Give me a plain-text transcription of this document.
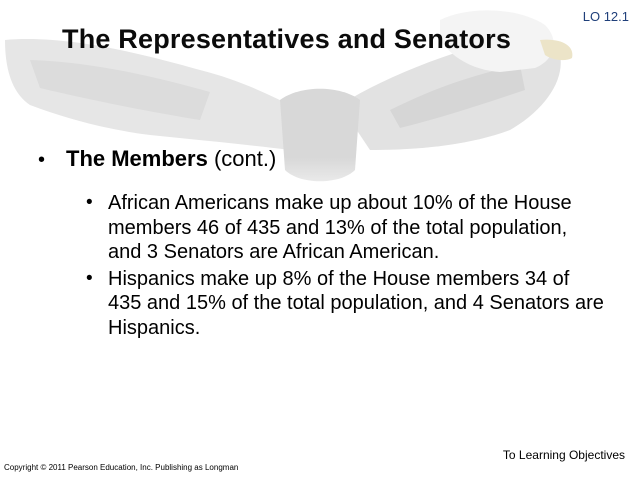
LO 12.1
The Representatives and Senators
• The Members (cont.)
• African Americans make up about 10% of the House members 46 of 435 and 13% of the total population, and 3 Senators are African American.
• Hispanics make up 8% of the House members 34 of 435 and 15% of the total population, and 4 Senators are Hispanics.
To Learning Objectives
Copyright © 2011 Pearson Education, Inc. Publishing as Longman
